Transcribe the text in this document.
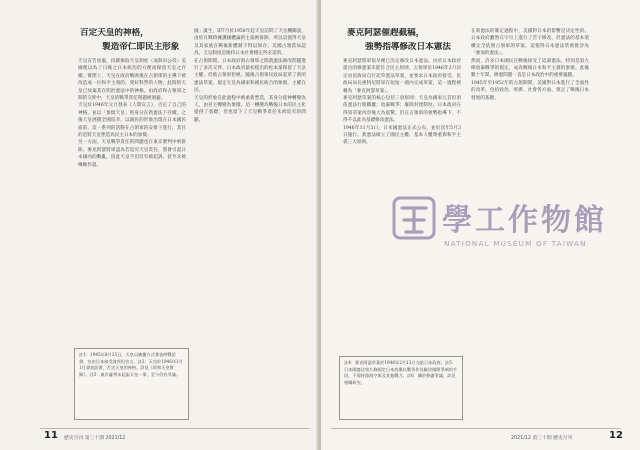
百定天皇的神格，
製造帝仁即民主形象

天皇宣告放棄，投降換取天皇制度（成與田公役）美國便以為了日後之日本統治的方便而保留天皇之存續。實際上，天皇在政府戰敗後在占領軍的主導下被改造成一位和平主義的、愛好科學的人物。此時的天皇已放棄其在明治憲法中的神格，由政府和占領軍之間的交涉中，天皇的戰爭責任問題被迴避。

天皇於1946年元旦發表《人間宣言》，否定了自己的神格，並以「象徵天皇」的身分在新憲法下存續。之後天皇展開全國巡幸，以親民的形象出現在日本國民面前，這一系列的活動在占領軍的安排下進行，其目的是將天皇塑造為民主日本的象徵。

另一方面，天皇戰爭責任的問題也在東京審判中被排除。麥克阿瑟將軍認為若追究天皇責任，將會引起日本國內的動亂，因此天皇不但沒有被起訴，甚至未被傳喚作證。

國」誕生，即7月於1958年起天皇訪問了天皇機關說，由於在戰時擁護國體論的主張被排除，所以這使得天皇及其家族在戰後新體制下得以保存。美國占領當局認為，天皇制度是維持日本社會穩定所必需的。

在占領期間，日本政府與占領軍之間就憲法修改問題進行了多次交涉。日本政府最初提出的松本案保留了天皇主權，但被占領軍拒絕。隨後占領軍民政局起草了新的憲法草案，規定天皇為國家和國民統合的象徵，主權在民。

天皇的形象在此過程中被重新塑造，其身分從神轉變為人，由君主轉變為象徵。這一轉變為戰後日本的民主化提供了基礎，但也留下了天皇戰爭責任未被追究的問題。

註1：1945年8月15日，天皇以廣播方式發表終戰詔書，宣布日本接受波茨坦宣言。註2：天皇於1946年1月1日發表詔書，否定天皇的神格。詳見《昭和天皇實錄》。註3：東京審判未起訴天皇一事，至今仍有爭議。
11 歷史月刊 第三十期 2021/12
麥克阿瑟催趕截稿，
強勢指導修改日本憲法

麥克阿瑟將軍很早便已決定修改日本憲法。由於日本政府提出的修憲案未能符合民主原則，占領軍於1946年2月決定由民政局自行起草憲法草案，並要求日本政府接受。民政局局長惠特尼將軍在短短一週內完成草案，這一過程被稱為「麥克阿瑟草案」。

麥克阿瑟草案的核心包括三項原則：天皇為國家元首但須依憲法行使職權；放棄戰爭；廢除封建制度。日本政府在得知草案內容後大為震驚，但在占領軍的強勢指導下，不得不以此為基礎修改憲法。

1946年11月3日，日本國憲法正式公布，並於次年5月3日施行。新憲法確立了國民主權、基本人權尊重與和平主義三大原則。

在新憲法的制定過程中，美國對日本的影響是決定性的。日本政府雖然在字句上進行了若干修改，但憲法的基本架構完全依照占領軍的草案。這使得日本憲法常被批評為「強加的憲法」。

然而，許多日本國民在戰後接受了這部憲法，特別是第九條放棄戰爭的規定，成為戰後日本和平主義的象徵。此後數十年間，修憲問題一直是日本政治中的重要議題。

1945年至1952年的占領期間，美國對日本進行了全面性的改革，包括政治、經濟、社會各方面，奠定了戰後日本發展的基礎。

註4：麥克阿瑟草案於1946年2月13日交給日本政府。註5：日本國憲法第九條規定日本放棄以戰爭作為解決國際爭端的手段，不保持陸海空軍及其他戰力。註6：關於修憲爭議，詳見相關研究。
2021/12 第三十期 歷史月刊	12
學工作物館
NATIONAL MUSEUM OF TAIWAN
